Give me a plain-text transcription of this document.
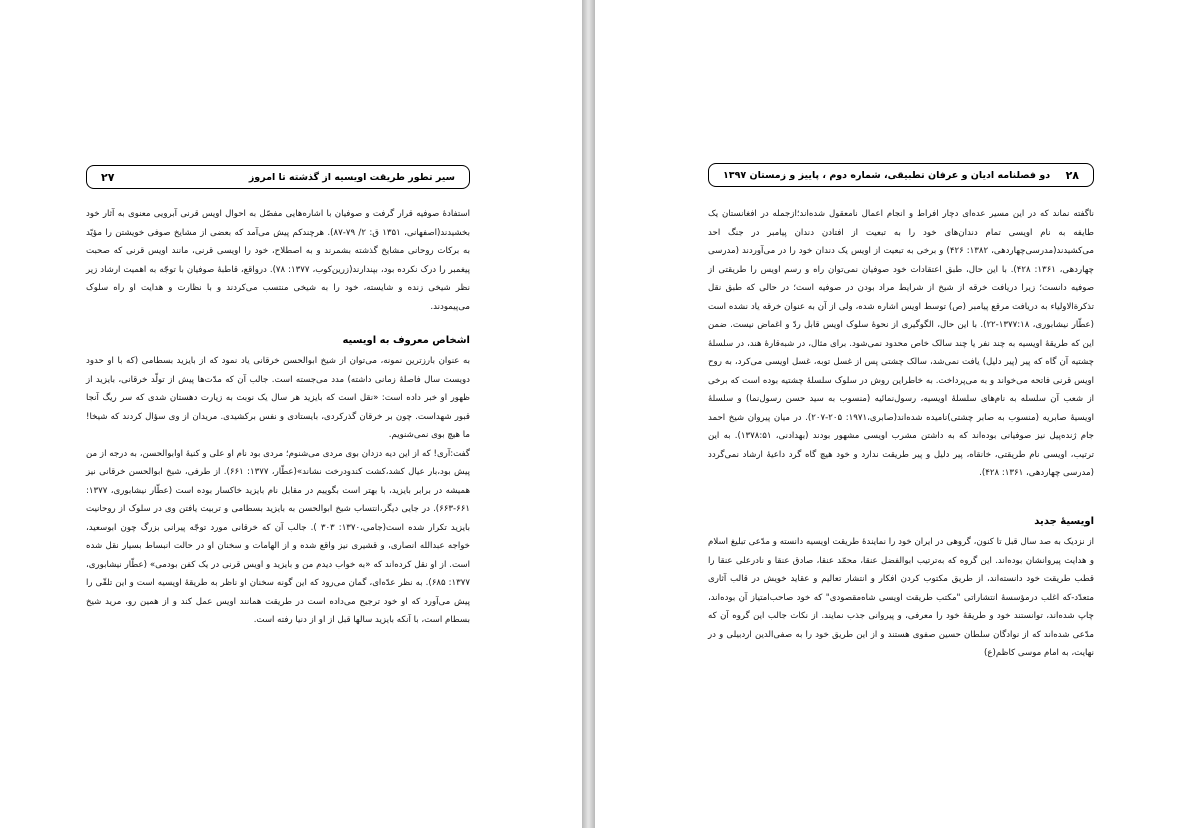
سیر تطور طریقت اویسیه از گذشته تا امروز
۲۷

استفادۀ صوفیه قرار گرفت و صوفیان با اشاره‌هایی مفصّل به احوال اویس قرنی آبرویی معنوی به آثار خود بخشیدند(اصفهانی، ۱۳۵۱ ق: ۲/ ۷۹-۸۷). هرچندکم پیش می‌آمد که بعضی از مشایخ صوفی خویشتن را مؤیّد به برکات روحانی مشایخ گذشته بشمرند و به اصطلاح، خود را اویسی قرنی، مانند اویس قرنی که صحبت پیغمبر را درک نکرده بود، بپندارند(زرین‌کوب، ۱۳۷۷: ۷۸). درواقع، قاطبهٔ صوفیان با توجّه به اهمیت ارشاد زیر نظر شیخی زنده و شایسته، خود را به شیخی منتسب می‌کردند و با نظارت و هدایت او راه سلوک می‌پیمودند.

اشخاص معروف به اویسیه

به عنوان بارزترین نمونه، می‌توان از شیخ ابوالحسن خرقانی یاد نمود که از بایزید بسطامی (که با او حدود دویست سال فاصلهٔ زمانی داشته) مدد می‌جسته است. جالب آن که مدّت‌ها پیش از تولّد خرقانی، بایزید از ظهور او خبر داده است: «نقل است که بایزید هر سال یک نوبت به زیارت دهستان شدی که سر ریگ آنجا قبور شهداست. چون بر خرقان گذرکردی، بایستادی و نفس برکشیدی. مریدان از وی سؤال کردند که شیخا! ما هیچ بوی نمی‌شنویم.

گفت:آری! که از این دیه دزدان بوی مردی می‌شنوم؛ مردی بود نام او علی و کنیهٔ اوابوالحسن، به درجه از من پیش بود،بار عیال کشد،کشت کندودرخت نشاند»(عطّار، ۱۳۷۷: ۶۶۱). از طرفی، شیخ ابوالحسن خرقانی نیز همیشه در برابر بایزید، با بهتر است بگوییم در مقابل نام بایزید خاکسار بوده است (عطّار نیشابوری، ۱۳۷۷: ۶۶۱-۶۶۳). در جایی دیگر،انتساب شیخ ابوالحسن به بایزید بسطامی و تربیت یافتن وی در سلوک از روحانیت بایزید تکرار شده است(جامی،۱۳۷۰: ۳۰۳ ). جالب آن که خرقانی مورد توجّه پیرانی بزرگ چون ابوسعید، خواجه عبدالله انصاری، و قشیری نیز واقع شده و از الهامات و سخنان او در حالت انبساط بسیار نقل شده است. از او نقل کرده‌اند که «به خواب دیدم من و بایزید و اویس قرنی در یک کفن بودمی» (عطّار نیشابوری، ۱۳۷۷: ۶۸۵). به نظر عدّه‌ای، گمان می‌رود که این گونه سخنان او ناظر به طریقهٔ اویسیه است و این تلقّی را پیش می‌آورد که او خود ترجیح می‌داده است در طریقت همانند اویس عمل کند و از همین رو، مرید شیخ بسطام است، با آنکه بایزید سالها قبل از او از دنیا رفته است.

۲۸
دو فصلنامه ادیان و عرفان تطبیقی، شماره دوم ، پاییز و زمستان ۱۳۹۷

ناگفته نماند که در این مسیر عده‌ای دچار افراط و انجام اعمال نامعقول شده‌اند؛ازجمله در افغانستان یک طایفه به نام اویسی تمام دندان‌های خود را به تبعیت از افتادن دندان پیامبر در جنگ احد می‌کشیدند(مدرسی‌چهاردهی، ۱۳۸۲: ۴۲۶) و برخی به تبعیت از اویس یک دندان خود را در می‌آوردند (مدرسی چهاردهی، ۱۳۶۱: ۴۲۸). با این حال، طبق اعتقادات خود صوفیان نمی‌توان راه و رسم اویس را طریقتی از صوفیه دانست؛ زیرا دریافت خرقه از شیخ از شرایط مراد بودن در صوفیه است؛ در حالی که طبق نقل تذکرةالاولیاء به دریافت مرقع پیامبر (ص) توسط اویس اشاره شده، ولی از آن به عنوان خرقه یاد نشده است (عطّار نیشابوری، ۱۳۷۷:۱۸-۲۲). با این حال، الگوگیری از نحوۀ سلوک اویس قابل ردّ و اغماض نیست. ضمن این که طریقهٔ اویسیه به چند نفر یا چند سالک خاص محدود نمی‌شود. برای مثال، در شبه‌قارهٔ هند، در سلسلهٔ چشتیه آن گاه که پیر (پیر دلیل) یافت نمی‌شد، سالک چشتی پس از غسل توبه، غسل اویسی می‌کرد، به روح اویس قرنی فاتحه می‌خواند و به می‌پرداخت. به خاطراین روش در سلوک سلسلهٔ چشتیه بوده است که برخی از شعب آن سلسله به نام‌های سلسلهٔ اویسیه، رسول‌نمائیه (منسوب به سید حسن رسول‌نما) و سلسلهٔ اویسیهٔ صابریه (منسوب به صابر چشتی)نامیده شده‌اند(صابری،۱۹۷۱: ۲۰۵-۲۰۷). در میان پیروان شیخ احمد جام ژنده‌پیل نیز صوفیانی بوده‌اند که به داشتن مشرب اویسی مشهور بودند (بهدادنی، ۱۳۷۸:۵۱). به این ترتیب، اویسی نام طریقتی، خانقاه، پیر دلیل و پیر طریقت ندارد و خود هیچ گاه گرد داعیهٔ ارشاد نمی‌گردد (مدرسی چهاردهی، ۱۳۶۱: ۴۲۸).

اویسیهٔ جدید

از نزدیک به صد سال قبل تا کنون، گروهی در ایران خود را نمایندهٔ طریقت اویسیه دانسته و مدّعی تبلیغ اسلام و هدایت پیروانشان بوده‌اند. این گروه که به‌ترتیب ابوالفضل عنقا، محمّد عنقا، صادق عنقا و نادرعلی عنقا را قطب طریقت خود دانسته‌اند، از طریق مکتوب کردن افکار و انتشار تعالیم و عقاید خویش در قالب آثاری متعدّد-که اغلب درمؤسسهٔ انتشاراتی "مکتب طریقت اویسی شاه‌مقصودی" که خود صاحب‌امتیاز آن بوده‌اند، چاپ شده‌اند، توانستند خود و طریقهٔ خود را معرفی، و پیروانی جذب نمایند. از نکات جالب این گروه آن که مدّعی شده‌اند که از نوادگان سلطان حسین صفوی هستند و از این طریق خود را به صفی‌الدین اردبیلی و در نهایت، به امام موسی کاظم(ع)
